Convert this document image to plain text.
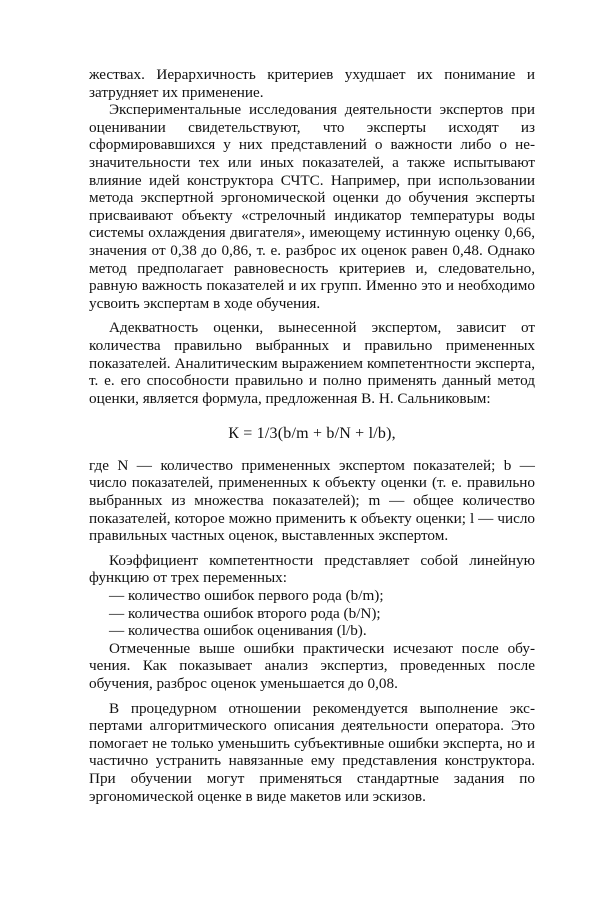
жествах. Иерархичность критериев ухудшает их понимание и затрудняет их применение.

Экспериментальные исследования деятельности экспертов при оценивании свидетельствуют, что эксперты исходят из сформировавшихся у них представлений о важности либо о незначительности тех или иных показателей, а также испытывают влияние идей конструктора СЧТС. Например, при использовании метода экспертной эргономической оценки до обучения эксперты присваивают объекту «стрелочный индикатор температуры воды системы охлаждения двигателя», имеющему истинную оценку 0,66, значения от 0,38 до 0,86, т. е. разброс их оценок равен 0,48. Однако метод предполагает равновесность критериев и, следовательно, равную важность показателей и их групп. Именно это и необходимо усвоить экспертам в ходе обучения.

Адекватность оценки, вынесенной экспертом, зависит от количества правильно выбранных и правильно примененных показателей. Аналитическим выражением компетентности эксперта, т. е. его способности правильно и полно применять данный метод оценки, является формула, предложенная В. Н. Сальниковым:

К = 1/3(b/m + b/N + l/b),

где N — количество примененных экспертом показателей; b — число показателей, примененных к объекту оценки (т. е. правильно выбранных из множества показателей); m — общее количество показателей, которое можно применить к объекту оценки; l — число правильных частных оценок, выставленных экспертом.

Коэффициент компетентности представляет собой линейную функцию от трех переменных:

— количество ошибок первого рода (b/m);

— количества ошибок второго рода (b/N);

— количества ошибок оценивания (l/b).

Отмеченные выше ошибки практически исчезают после обучения. Как показывает анализ экспертиз, проведенных после обучения, разброс оценок уменьшается до 0,08.

В процедурном отношении рекомендуется выполнение экспертами алгоритмического описания деятельности оператора. Это помогает не только уменьшить субъективные ошибки эксперта, но и частично устранить навязанные ему представления конструктора. При обучении могут применяться стандартные задания по эргономической оценке в виде макетов или эскизов.
